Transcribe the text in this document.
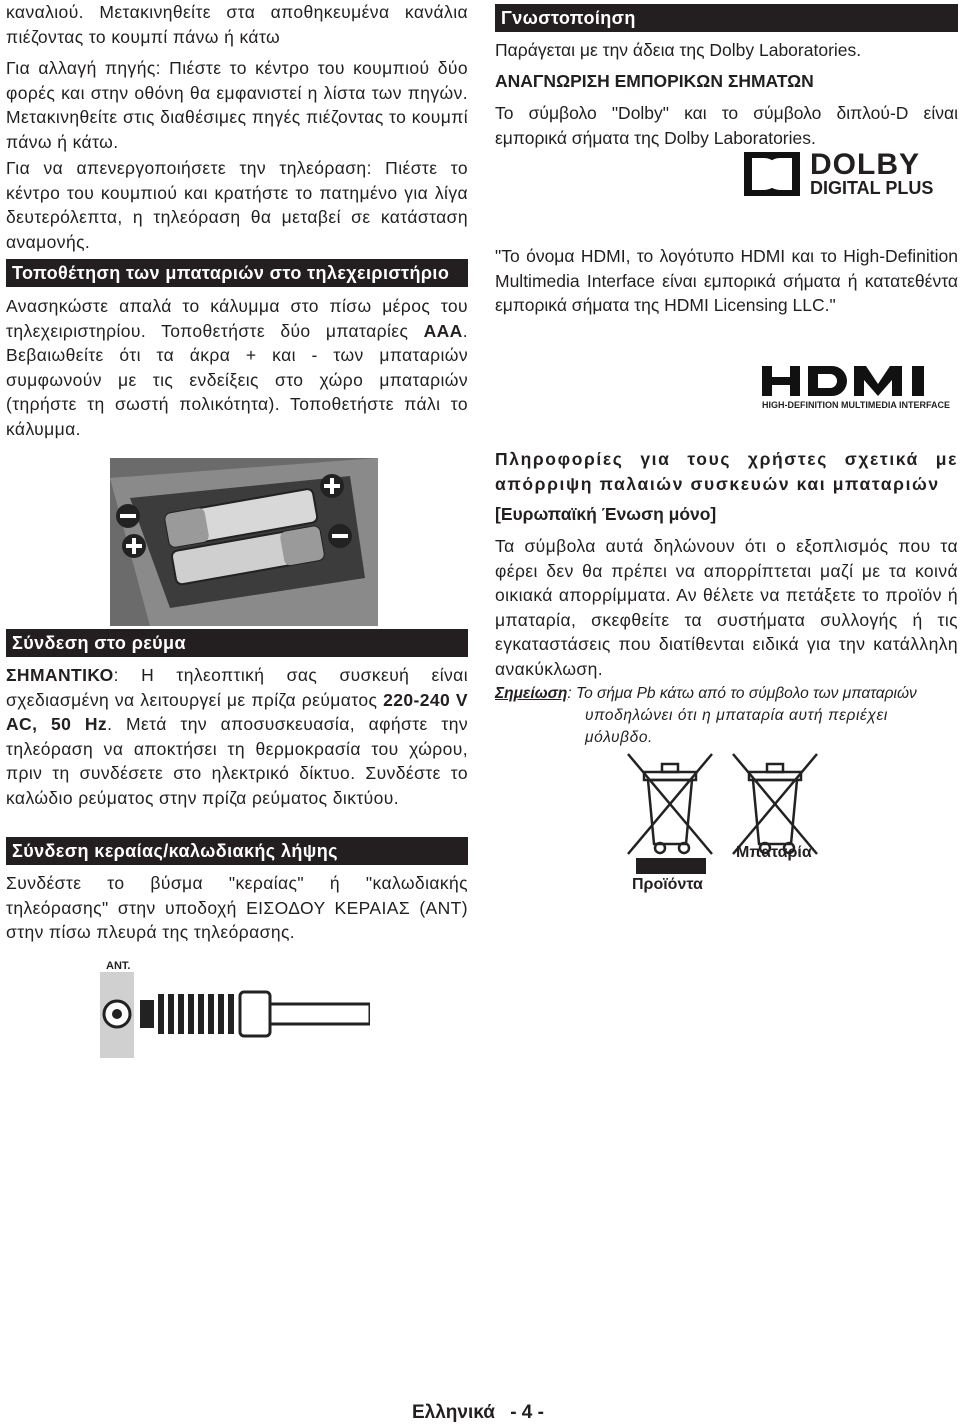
καναλιού. Μετακινηθείτε στα αποθηκευμένα κανάλια πιέζοντας το κουμπί πάνω ή κάτω

Για αλλαγή πηγής: Πιέστε το κέντρο του κουμπιού δύο φορές και στην οθόνη θα εμφανιστεί η λίστα των πηγών. Μετακινηθείτε στις διαθέσιμες πηγές πιέζοντας το κουμπί πάνω ή κάτω.

Για να απενεργοποιήσετε την τηλεόραση: Πιέστε το κέντρο του κουμπιού και κρατήστε το πατημένο για λίγα δευτερόλεπτα, η τηλεόραση θα μεταβεί σε κατάσταση αναμονής.

Τοποθέτηση των μπαταριών στο τηλεχειριστήριο

Ανασηκώστε απαλά το κάλυμμα στο πίσω μέρος του τηλεχειριστηρίου. Τοποθετήστε δύο μπαταρίες AAA. Βεβαιωθείτε ότι τα άκρα + και - των μπαταριών συμφωνούν με τις ενδείξεις στο χώρο μπαταριών (τηρήστε τη σωστή πολικότητα). Τοποθετήστε πάλι το κάλυμμα.

Σύνδεση στο ρεύμα

ΣΗΜΑΝΤΙΚΟ: Η τηλεοπτική σας συσκευή είναι σχεδιασμένη να λειτουργεί με πρίζα ρεύματος 220-240 V AC, 50 Hz. Μετά την αποσυσκευασία, αφήστε την τηλεόραση να αποκτήσει τη θερμοκρασία του χώρου, πριν τη συνδέσετε στο ηλεκτρικό δίκτυο. Συνδέστε το καλώδιο ρεύματος στην πρίζα ρεύματος δικτύου.

Σύνδεση κεραίας/καλωδιακής λήψης

Συνδέστε το βύσμα "κεραίας" ή "καλωδιακής τηλεόρασης" στην υποδοχή ΕΙΣΟΔΟΥ ΚΕΡΑΙΑΣ (ANT) στην πίσω πλευρά της τηλεόρασης.

ANT.
Γνωστοποίηση

Παράγεται με την άδεια της Dolby Laboratories.

ΑΝΑΓΝΩΡΙΣΗ ΕΜΠΟΡΙΚΩΝ ΣΗΜΑΤΩΝ

Το σύμβολο "Dolby" και το σύμβολο διπλού-D είναι εμπορικά σήματα της Dolby Laboratories.

DOLBY
DIGITAL PLUS

"Το όνομα HDMI, το λογότυπο HDMI και το High-Definition Multimedia Interface είναι εμπορικά σήματα ή κατατεθέντα εμπορικά σήματα της HDMI Licensing LLC."

HIGH-DEFINITION MULTIMEDIA INTERFACE

Πληροφορίες για τους χρήστες σχετικά με απόρριψη παλαιών συσκευών και μπαταριών

[Ευρωπαϊκή Ένωση μόνο]

Τα σύμβολα αυτά δηλώνουν ότι ο εξοπλισμός που τα φέρει δεν θα πρέπει να απορρίπτεται μαζί με τα κοινά οικιακά απορρίμματα. Αν θέλετε να πετάξετε το προϊόν ή μπαταρία, σκεφθείτε τα συστήματα συλλογής ή τις εγκαταστάσεις που διατίθενται ειδικά για την κατάλληλη ανακύκλωση.

Σημείωση: Το σήμα Pb κάτω από το σύμβολο των μπαταριών
υποδηλώνει ότι η μπαταρία αυτή περιέχει μόλυβδο.
Προϊόντα
Μπαταρία
Ελληνικά - 4 -
